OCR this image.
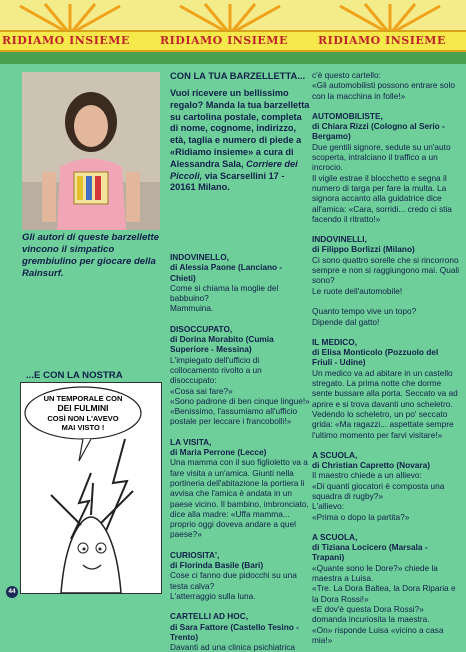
RIDIAMO INSIEME	RIDIAMO INSIEME	RIDIAMO INSIEME
Gli autori di queste barzellette vincono il simpatico grembiulino per giocare della Rainsurf.
...E CON LA NOSTRA
UN TEMPORALE CON
DEI FULMINI
COSÌ NON L'AVEVO
MAI VISTO !
44
CON LA TUA BARZELLETTA...
Vuoi ricevere un bellissimo regalo? Manda la tua barzelletta su cartolina postale, completa di nome, cognome, indirizzo, età, taglia e numero di piede a «Ridiamo insieme» a cura di Alessandra Sala, Corriere dei Piccoli, via Scarsellini 17 - 20161 Milano.
INDOVINELLO,
di Alessia Paone (Lanciano - Chieti)

Come si chiama la moglie del babbuino?
Mammuina.

DISOCCUPATO,
di Dorina Morabito (Cumia Superiore - Messina)

L'impiegato dell'ufficio di collocamento rivolto a un disoccupato:
«Cosa sai fare?»
«Sono padrone di ben cinque lingue!»
«Benissimo, l'assumiamo all'ufficio postale per leccare i francobolli!»

LA VISITA,
di Maria Perrone (Lecce)

Una mamma con il suo figlioletto va a fare visita a un'amica. Giunti nella portineria dell'abitazione la portiera li avvisa che l'amica è andata in un paese vicino. Il bambino, imbronciato, dice alla madre: «Uffa mamma... proprio oggi doveva andare a quel paese?»

CURIOSITA',
di Florinda Basile (Bari)

Cose ci fanno due pidocchi su una testa calva?
L'atterraggio sulla luna.

CARTELLI AD HOC,
di Sara Fattore (Castello Tesino - Trento)

Davanti ad una clinica psichiatrica

c'è questo cartello:
«Gli automobilisti possono entrare solo con la macchina in folle!»

AUTOMOBILISTE,
di Chiara Rizzi (Cologno al Serio - Bergamo)

Due gentili signore, sedute su un'auto scoperta, intralciano il traffico a un incrocio.
Il vigile estrae il blocchetto e segna il numero di targa per fare la multa. La signora accanto alla guidatrice dice all'amica: «Cara, sorridi... credo ci stia facendo il ritratto!»

INDOVINELLI,
di Filippo Borlizzi (Milano)

Ci sono quattro sorelle che si rincorrono sempre e non si raggiungono mai. Quali sono?
Le ruote dell'automobile!

Quanto tempo vive un topo?
Dipende dal gatto!

IL MEDICO,
di Elisa Monticolo (Pozzuolo del Friuli - Udine)

Un medico va ad abitare in un castello stregato. La prima notte che dorme sente bussare alla porta. Seccato va ad aprire e si trova davanti uno scheletro. Vedendo lo scheletro, un po' seccato grida: «Ma ragazzi... aspettate sempre l'ultimo momento per farvi visitare!»

A SCUOLA,
di Christian Capretto (Novara)

Il maestro chiede a un allievo:
«Di quanti giocatori è composta una squadra di rugby?»
L'allievo:
«Prima o dopo la partita?»

A SCUOLA,
di Tiziana Locicero (Marsala - Trapani)

«Quante sono le Dore?» chiede la maestra a Luisa.
«Tre. La Dora Baltea, la Dora Riparia e la Dora Rossi!»
«E dov'è questa Dora Rossi?» domanda incuriosita la maestra.
«On» risponde Luisa «vicino a casa mia!»
